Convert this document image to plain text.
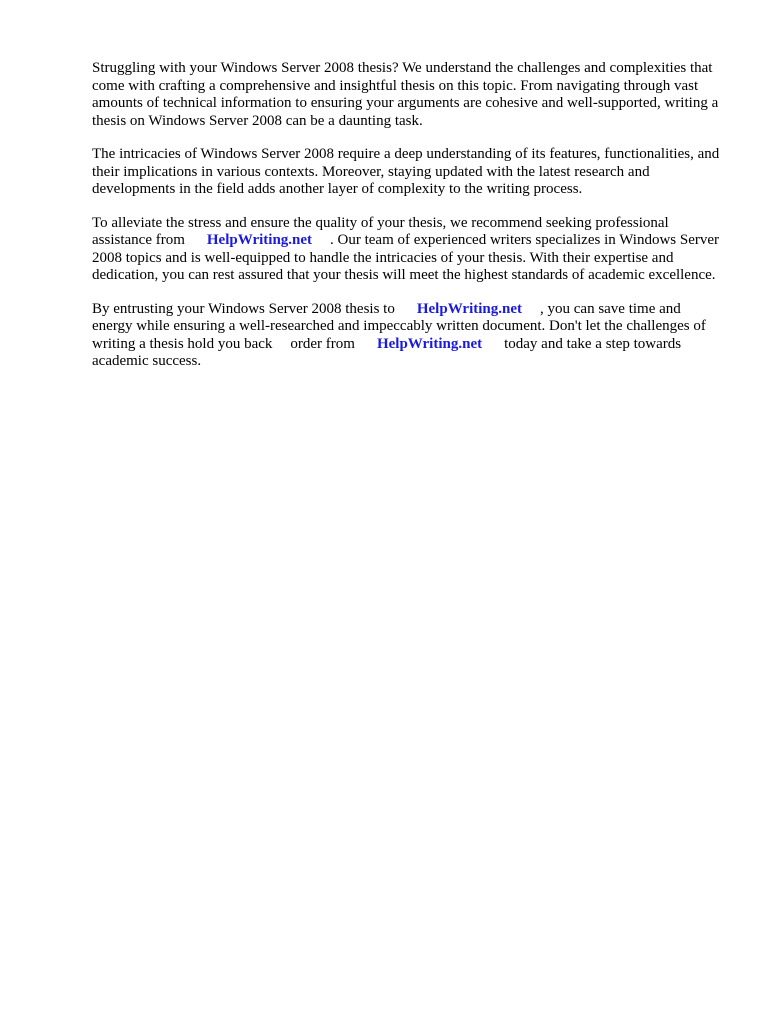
Struggling with your Windows Server 2008 thesis? We understand the challenges and complexities that come with crafting a comprehensive and insightful thesis on this topic. From navigating through vast amounts of technical information to ensuring your arguments are cohesive and well-supported, writing a thesis on Windows Server 2008 can be a daunting task.

The intricacies of Windows Server 2008 require a deep understanding of its features, functionalities, and their implications in various contexts. Moreover, staying updated with the latest research and developments in the field adds another layer of complexity to the writing process.

To alleviate the stress and ensure the quality of your thesis, we recommend seeking professional assistance from HelpWriting.net . Our team of experienced writers specializes in Windows Server 2008 topics and is well-equipped to handle the intricacies of your thesis. With their expertise and dedication, you can rest assured that your thesis will meet the highest standards of academic excellence.

By entrusting your Windows Server 2008 thesis to HelpWriting.net , you can save time and energy while ensuring a well-researched and impeccably written document. Don't let the challenges of writing a thesis hold you back order from HelpWriting.net today and take a step towards academic success.
